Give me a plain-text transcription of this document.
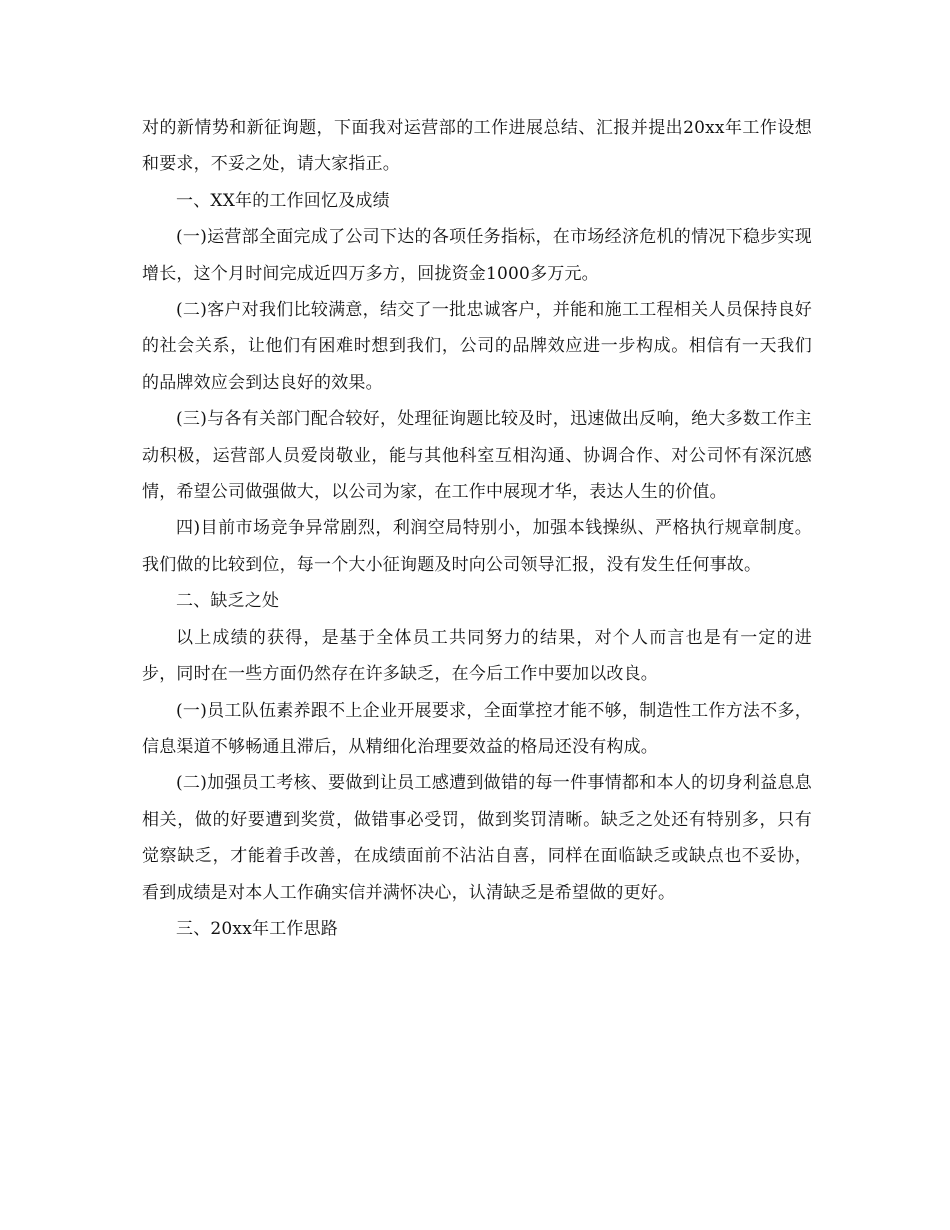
对的新情势和新征询题，下面我对运营部的工作进展总结、汇报并提出20xx年工作设想和要求，不妥之处，请大家指正。

一、XX年的工作回忆及成绩

(一)运营部全面完成了公司下达的各项任务指标，在市场经济危机的情况下稳步实现增长，这个月时间完成近四万多方，回拢资金1000多万元。

(二)客户对我们比较满意，结交了一批忠诚客户，并能和施工工程相关人员保持良好的社会关系，让他们有困难时想到我们，公司的品牌效应进一步构成。相信有一天我们的品牌效应会到达良好的效果。

(三)与各有关部门配合较好，处理征询题比较及时，迅速做出反响，绝大多数工作主动积极，运营部人员爱岗敬业，能与其他科室互相沟通、协调合作、对公司怀有深沉感情，希望公司做强做大，以公司为家，在工作中展现才华，表达人生的价值。

四)目前市场竞争异常剧烈，利润空局特别小，加强本钱操纵、严格执行规章制度。我们做的比较到位，每一个大小征询题及时向公司领导汇报，没有发生任何事故。

二、缺乏之处

以上成绩的获得，是基于全体员工共同努力的结果，对个人而言也是有一定的进步，同时在一些方面仍然存在许多缺乏，在今后工作中要加以改良。

(一)员工队伍素养跟不上企业开展要求，全面掌控才能不够，制造性工作方法不多，信息渠道不够畅通且滞后，从精细化治理要效益的格局还没有构成。

(二)加强员工考核、要做到让员工感遭到做错的每一件事情都和本人的切身利益息息相关，做的好要遭到奖赏，做错事必受罚，做到奖罚清晰。缺乏之处还有特别多，只有觉察缺乏，才能着手改善，在成绩面前不沾沾自喜，同样在面临缺乏或缺点也不妥协，看到成绩是对本人工作确实信并满怀决心，认清缺乏是希望做的更好。

三、20xx年工作思路
